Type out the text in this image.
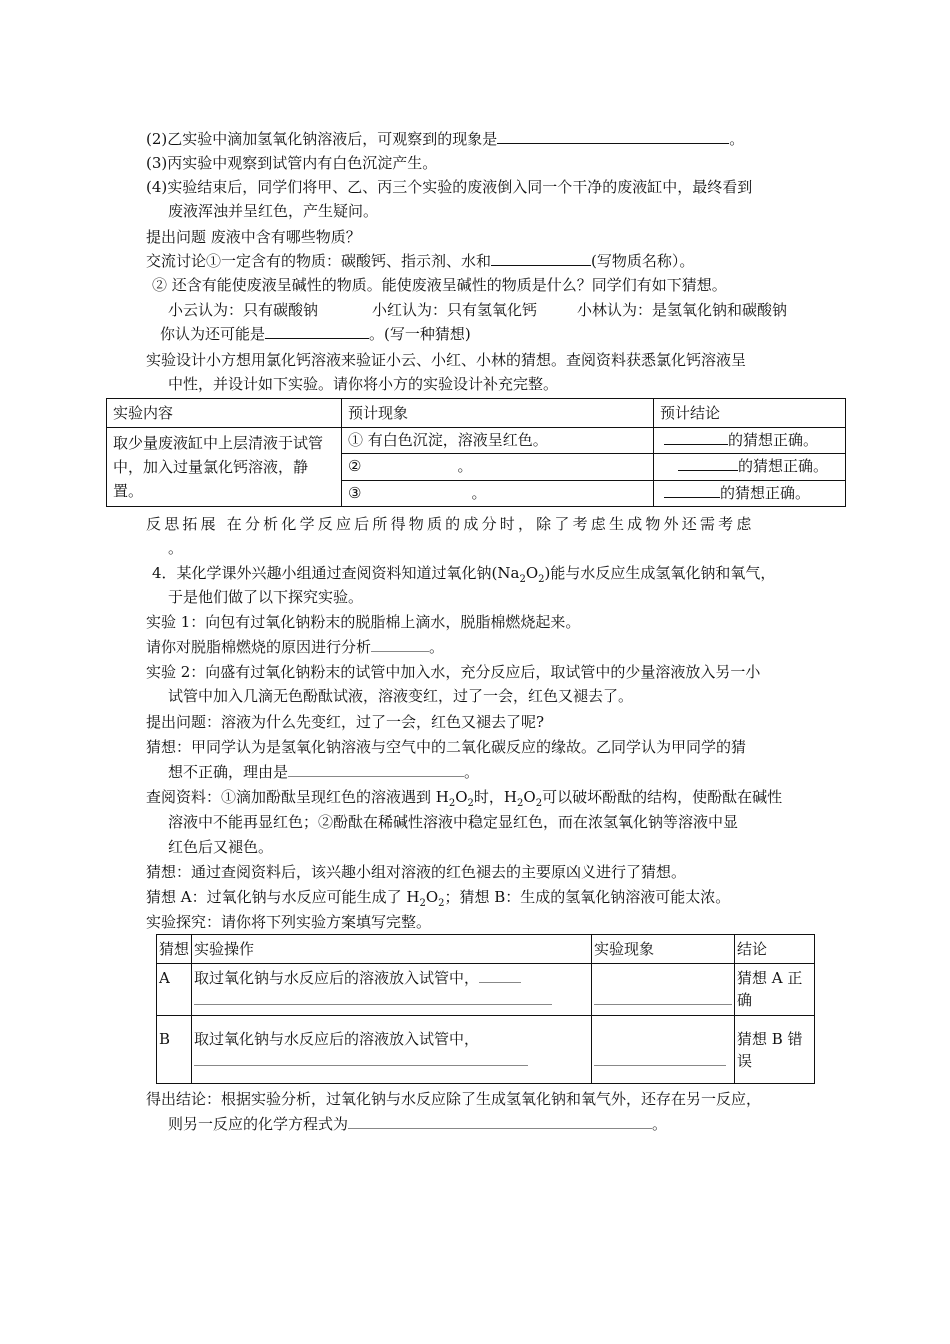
(2)乙实验中滴加氢氧化钠溶液后，可观察到的现象是	。
(3)丙实验中观察到试管内有白色沉淀产生。
(4)实验结束后，同学们将甲、乙、丙三个实验的废液倒入同一个干净的废液缸中，最终看到
废液浑浊并呈红色，产生疑问。
提出问题 废液中含有哪些物质？
交流讨论①一定含有的物质：碳酸钙、指示剂、水和	(写物质名称）。
② 还含有能使废液呈碱性的物质。能使废液呈碱性的物质是什么？同学们有如下猜想。
小云认为：只有碳酸钠	小红认为：只有氢氧化钙	小林认为：是氢氧化钠和碳酸钠
你认为还可能是	。(写一种猜想)
实验设计小方想用氯化钙溶液来验证小云、小红、小林的猜想。查阅资料获悉氯化钙溶液呈
中性，并设计如下实验。请你将小方的实验设计补充完整。
实验内容	预计现象	预计结论
取少量废液缸中上层清液于试管中，加入过量氯化钙溶液，静置。	① 有白色沉淀，溶液呈红色。	的猜想正确。
	② 。	的猜想正确。
	③ 。	的猜想正确。
反思拓展 在分析化学反应后所得物质的成分时，除了考虑生成物外还需考虑
。
4．某化学课外兴趣小组通过查阅资料知道过氧化钠$(Na_2O_2)$能与水反应生成氢氧化钠和氧气，
于是他们做了以下探究实验。
实验 1：向包有过氧化钠粉末的脱脂棉上滴水，脱脂棉燃烧起来。
请你对脱脂棉燃烧的原因进行分析	。
实验 2：向盛有过氧化钠粉末的试管中加入水，充分反应后，取试管中的少量溶液放入另一小
试管中加入几滴无色酚酞试液，溶液变红，过了一会，红色又褪去了。
提出问题：溶液为什么先变红，过了一会，红色又褪去了呢?
猜想：甲同学认为是氢氧化钠溶液与空气中的二氧化碳反应的缘故。乙同学认为甲同学的猜
想不正确，理由是	。
查阅资料：①滴加酚酞呈现红色的溶液遇到 $H_2O_2$时，$H_2O_2$可以破坏酚酞的结构，使酚酞在碱性
溶液中不能再显红色；②酚酞在稀碱性溶液中稳定显红色，而在浓氢氧化钠等溶液中显
红色后又褪色。
猜想：通过查阅资料后，该兴趣小组对溶液的红色褪去的主要原凶义进行了猜想。
猜想 A：过氧化钠与水反应可能生成了 $H_2O_2$；猜想 B：生成的氢氧化钠溶液可能太浓。
实验探究：请你将下列实验方案填写完整。
猜想	实验操作	实验现象	结论
A	取过氧化钠与水反应后的溶液放入试管中，		猜想 A 正确
B	取过氧化钠与水反应后的溶液放入试管中，		猜想 B 错误
得出结论：根据实验分析，过氧化钠与水反应除了生成氢氧化钠和氧气外，还存在另一反应，
则另一反应的化学方程式为	。
